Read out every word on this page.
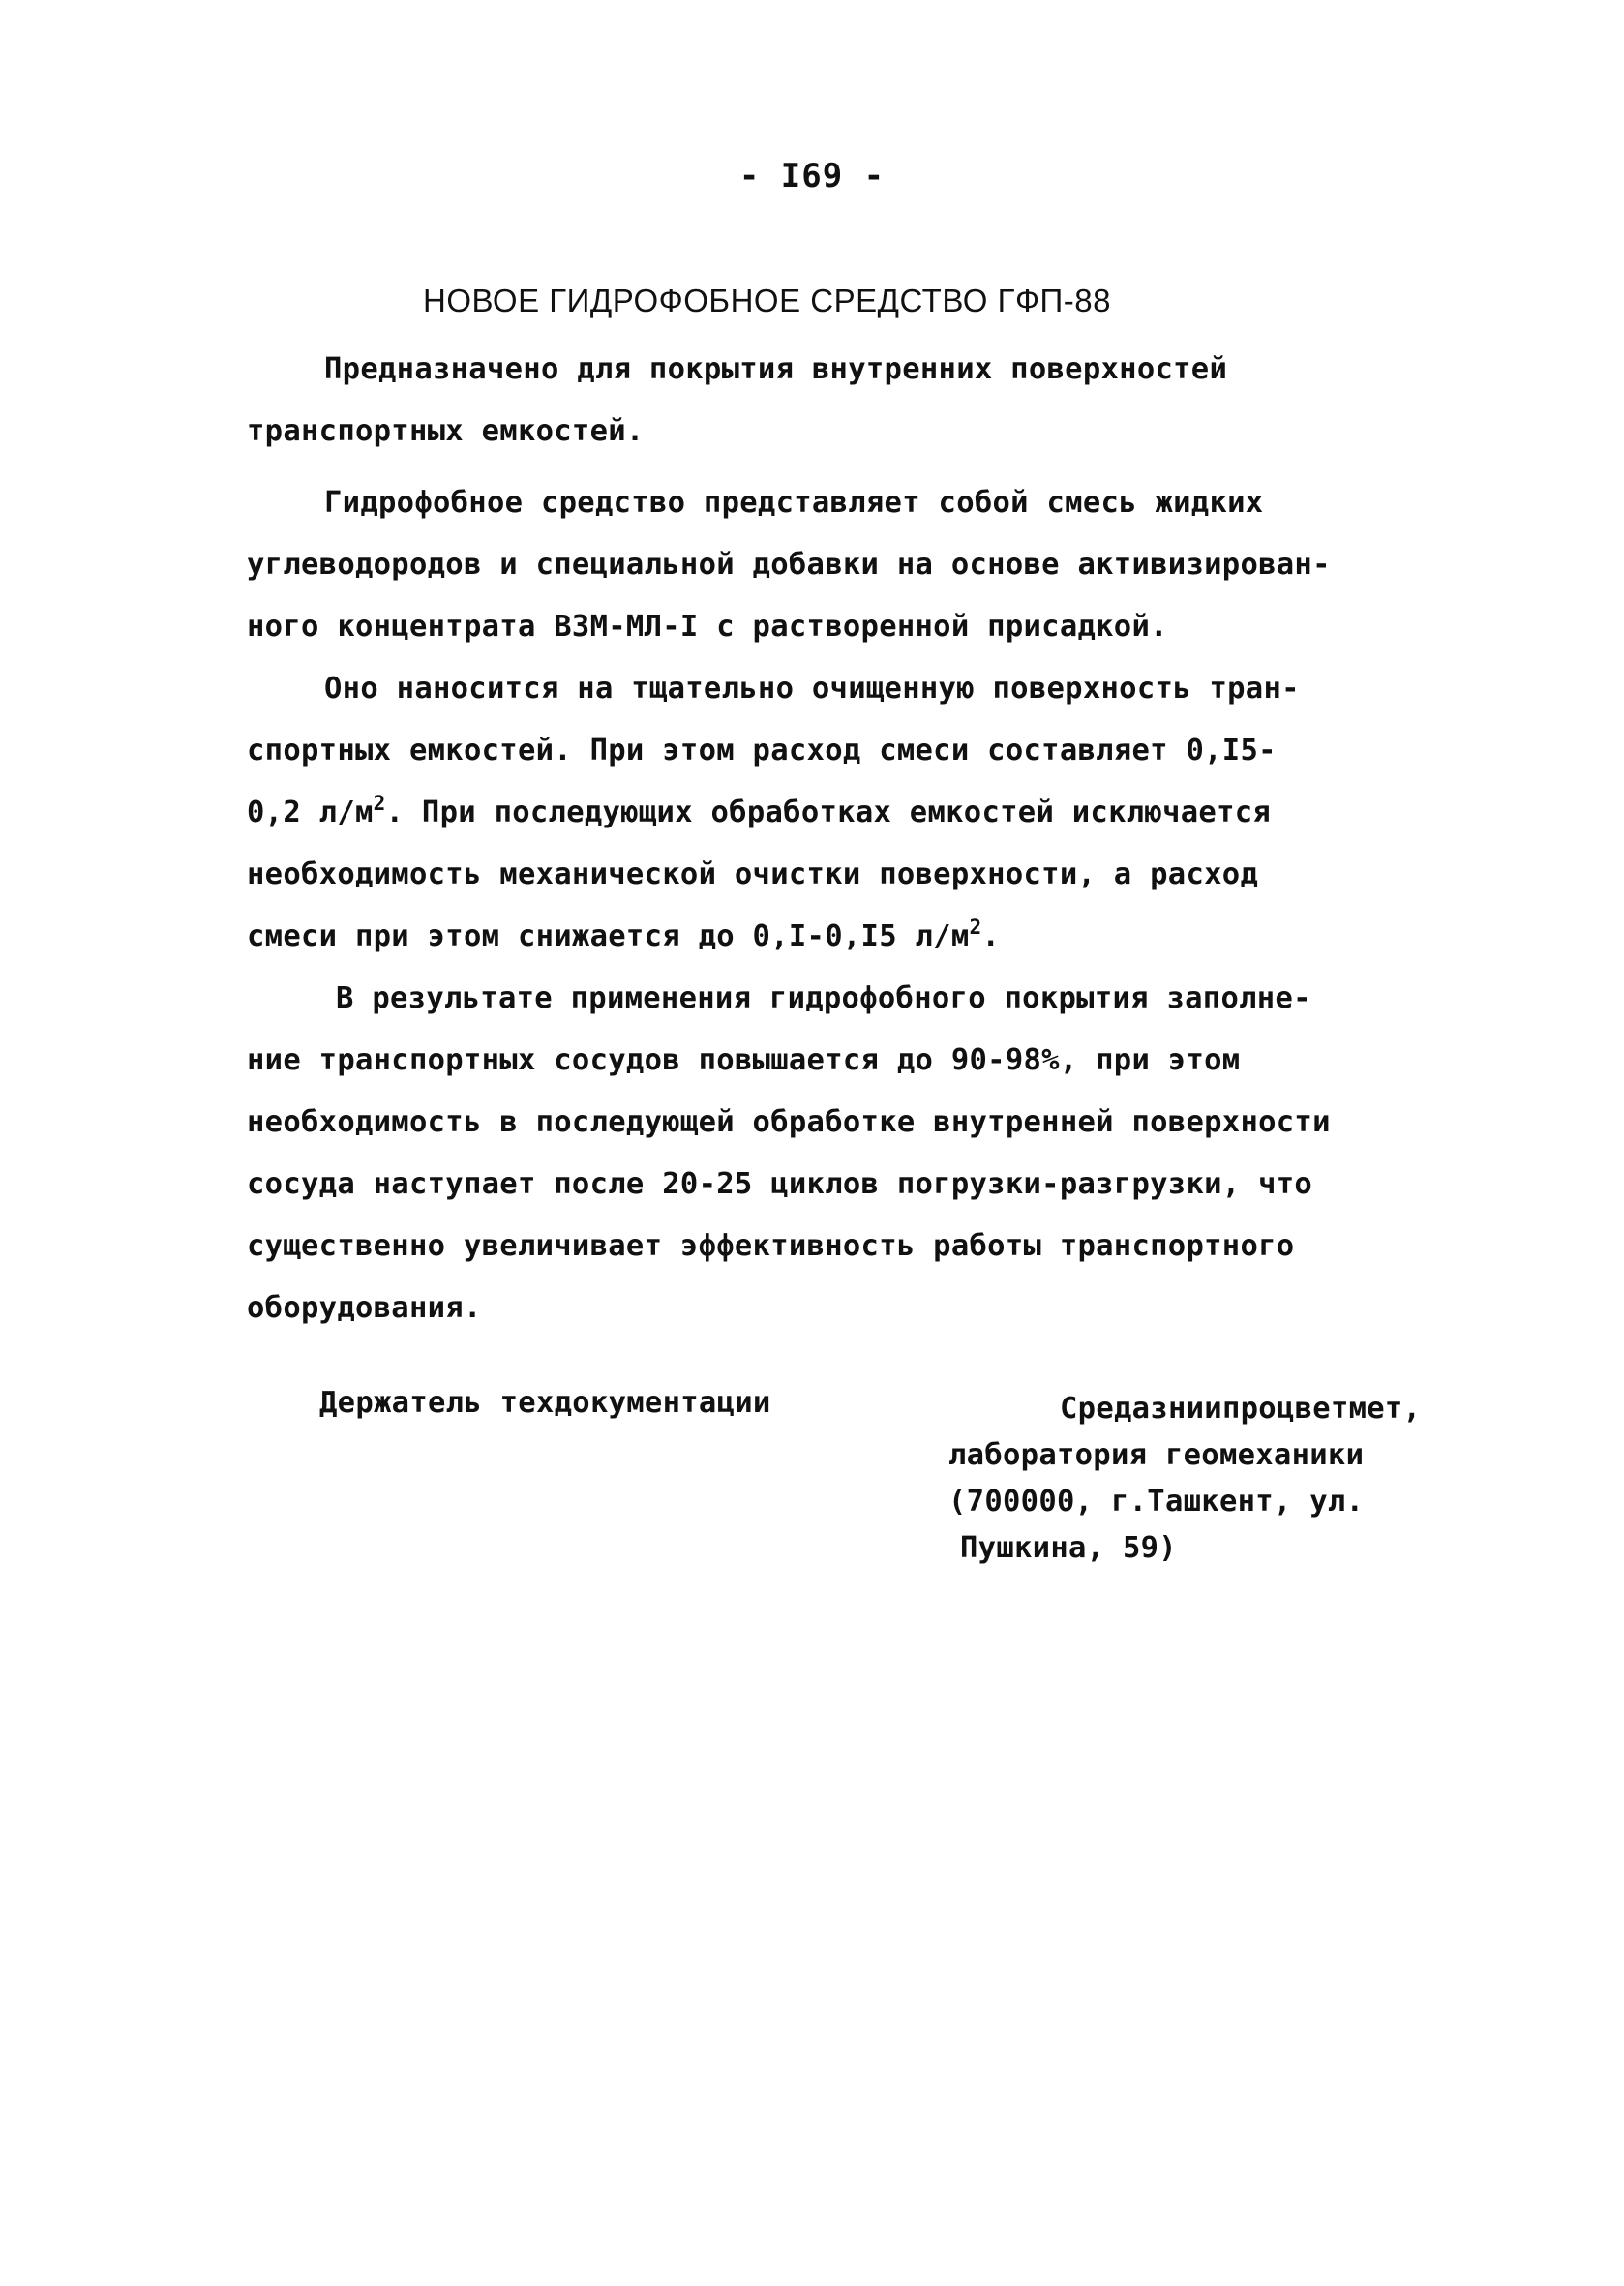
- I69 -
НОВОЕ ГИДРОФОБНОЕ СРЕДСТВО ГФП-88
Предназначено для покрытия внутренних поверхностей
транспортных емкостей.
Гидрофобное средство представляет собой смесь жидких
углеводородов и специальной добавки на основе активизирован-
ного концентрата ВЗМ-МЛ-I с растворенной присадкой.
Оно наносится на тщательно очищенную поверхность тран-
спортных емкостей. При этом расход смеси составляет 0,I5-
0,2 $л/м^2$. При последующих обработках емкостей исключается
необходимость механической очистки поверхности, а расход
смеси при этом снижается до 0,I-0,I5 $л/м^2$.
В результате применения гидрофобного покрытия заполне-
ние транспортных сосудов повышается до 90-98%, при этом
необходимость в последующей обработке внутренней поверхности
сосуда наступает после 20-25 циклов погрузки-разгрузки, что
существенно увеличивает эффективность работы транспортного
оборудования.
Держатель техдокументации	Средазниипроцветмет,
лаборатория геомеханики
(700000, г.Ташкент, ул.
Пушкина, 59)
